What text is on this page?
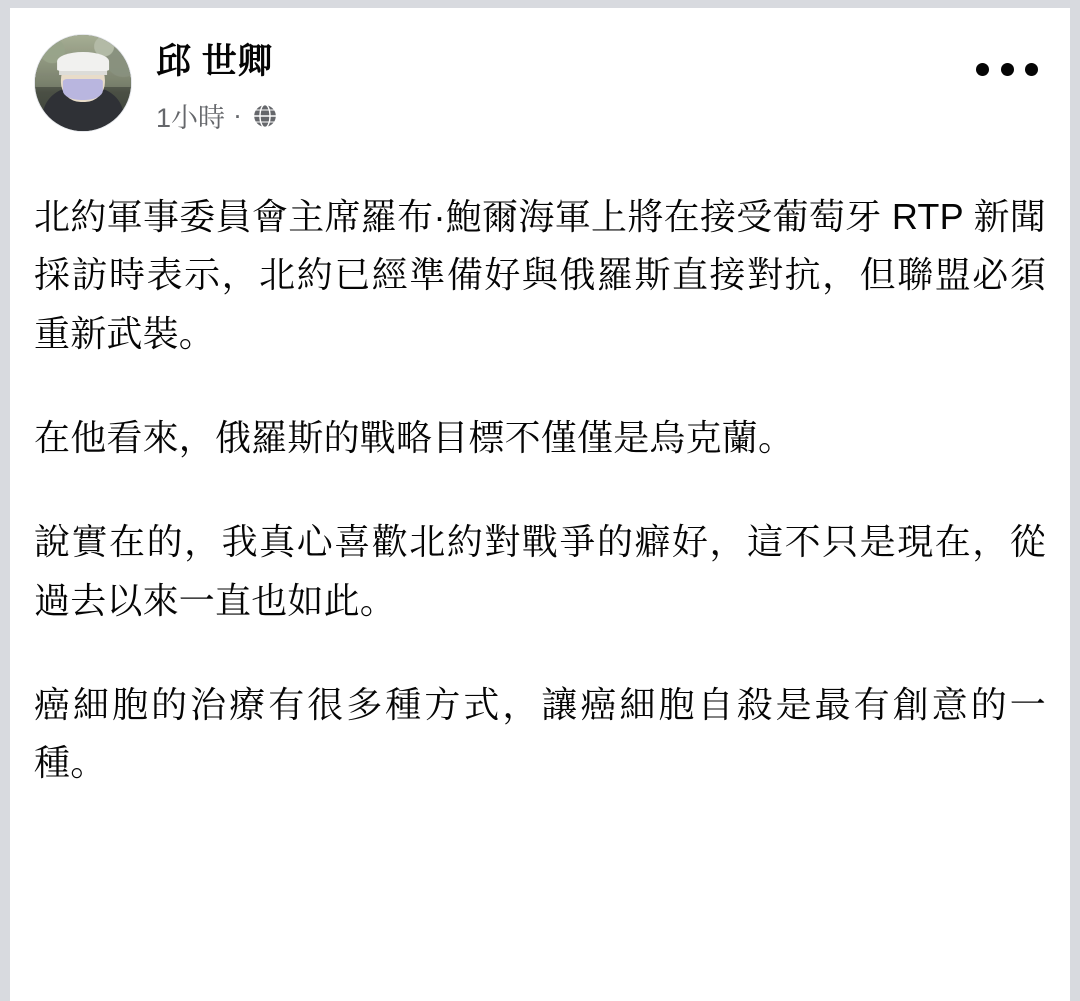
邱 世卿
1小時 ·

北約軍事委員會主席羅布·鮑爾海軍上將在接受葡萄牙 RTP 新聞採訪時表示，北約已經準備好與俄羅斯直接對抗，但聯盟必須重新武裝。

在他看來，俄羅斯的戰略目標不僅僅是烏克蘭。

說實在的，我真心喜歡北約對戰爭的癖好，這不只是現在，從過去以來一直也如此。

癌細胞的治療有很多種方式，讓癌細胞自殺是最有創意的一種。
